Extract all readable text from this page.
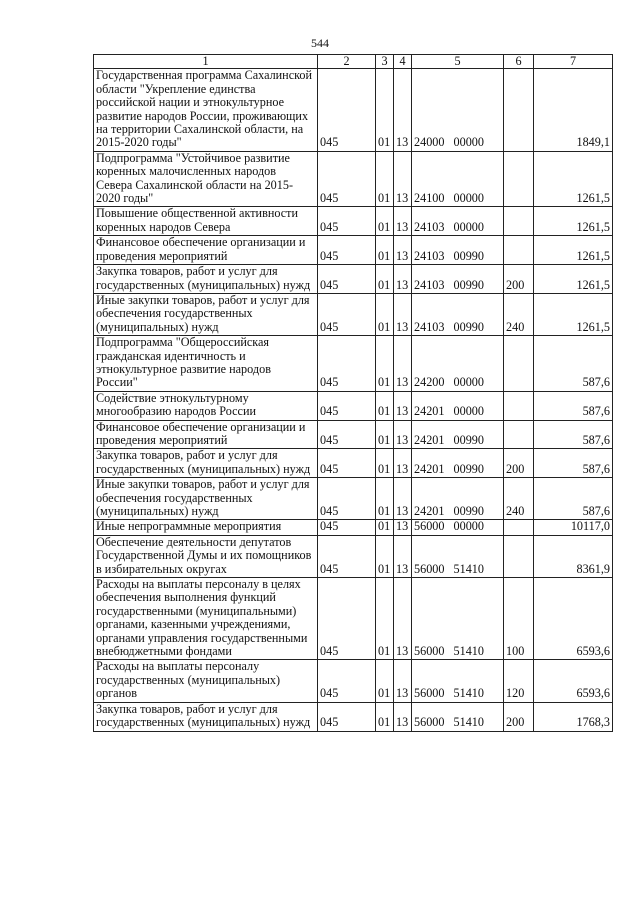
544
1	2	3	4	5	6	7
Государственная программа Сахалинской области "Укрепление единства российской нации и этнокультурное развитие народов России, проживающих на территории Сахалинской области, на 2015-2020 годы"	045	01	13	24000 00000		1849,1
Подпрограмма "Устойчивое развитие коренных малочисленных народов Севера Сахалинской области на 2015-2020 годы"	045	01	13	24100 00000		1261,5
Повышение общественной активности коренных народов Севера	045	01	13	24103 00000		1261,5
Финансовое обеспечение организации и проведения мероприятий	045	01	13	24103 00990		1261,5
Закупка товаров, работ и услуг для государственных (муниципальных) нужд	045	01	13	24103 00990	200	1261,5
Иные закупки товаров, работ и услуг для обеспечения государственных (муниципальных) нужд	045	01	13	24103 00990	240	1261,5
Подпрограмма "Общероссийская гражданская идентичность и этнокультурное развитие народов России"	045	01	13	24200 00000		587,6
Содействие этнокультурному многообразию народов России	045	01	13	24201 00000		587,6
Финансовое обеспечение организации и проведения мероприятий	045	01	13	24201 00990		587,6
Закупка товаров, работ и услуг для государственных (муниципальных) нужд	045	01	13	24201 00990	200	587,6
Иные закупки товаров, работ и услуг для обеспечения государственных (муниципальных) нужд	045	01	13	24201 00990	240	587,6
Иные непрограммные мероприятия	045	01	13	56000 00000		10117,0
Обеспечение деятельности депутатов Государственной Думы и их помощников в избирательных округах	045	01	13	56000 51410		8361,9
Расходы на выплаты персоналу в целях обеспечения выполнения функций государственными (муниципальными) органами, казенными учреждениями, органами управления государственными внебюджетными фондами	045	01	13	56000 51410	100	6593,6
Расходы на выплаты персоналу государственных (муниципальных) органов	045	01	13	56000 51410	120	6593,6
Закупка товаров, работ и услуг для государственных (муниципальных) нужд	045	01	13	56000 51410	200	1768,3
